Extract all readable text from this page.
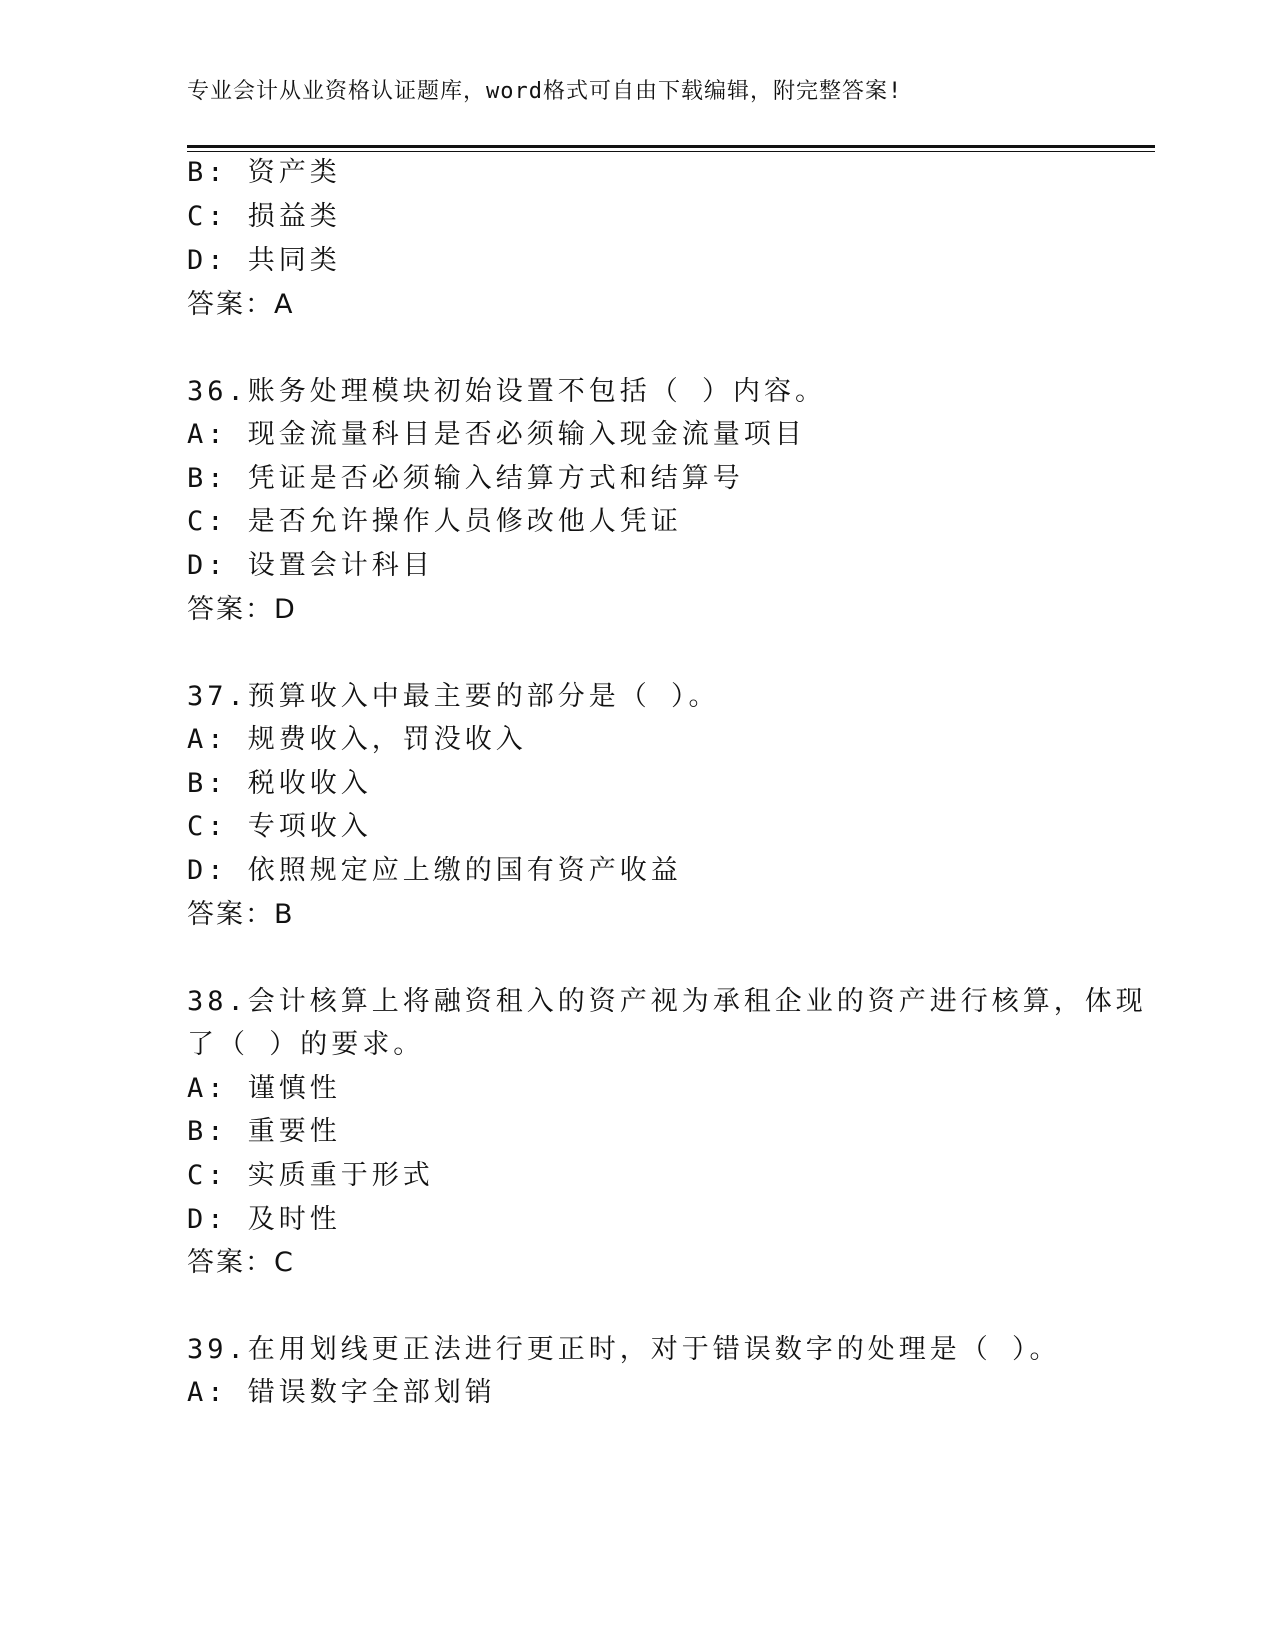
专业会计从业资格认证题库，word格式可自由下载编辑，附完整答案!
B: 资产类
C: 损益类
D: 共同类
答案：A
36.账务处理模块初始设置不包括（ ）内容。
A: 现金流量科目是否必须输入现金流量项目
B: 凭证是否必须输入结算方式和结算号
C: 是否允许操作人员修改他人凭证
D: 设置会计科目
答案：D
37.预算收入中最主要的部分是（ ）。
A: 规费收入，罚没收入
B: 税收收入
C: 专项收入
D: 依照规定应上缴的国有资产收益
答案：B
38.会计核算上将融资租入的资产视为承租企业的资产进行核算，体现
了（ ）的要求。
A: 谨慎性
B: 重要性
C: 实质重于形式
D: 及时性
答案：C
39.在用划线更正法进行更正时，对于错误数字的处理是（ ）。
A: 错误数字全部划销
